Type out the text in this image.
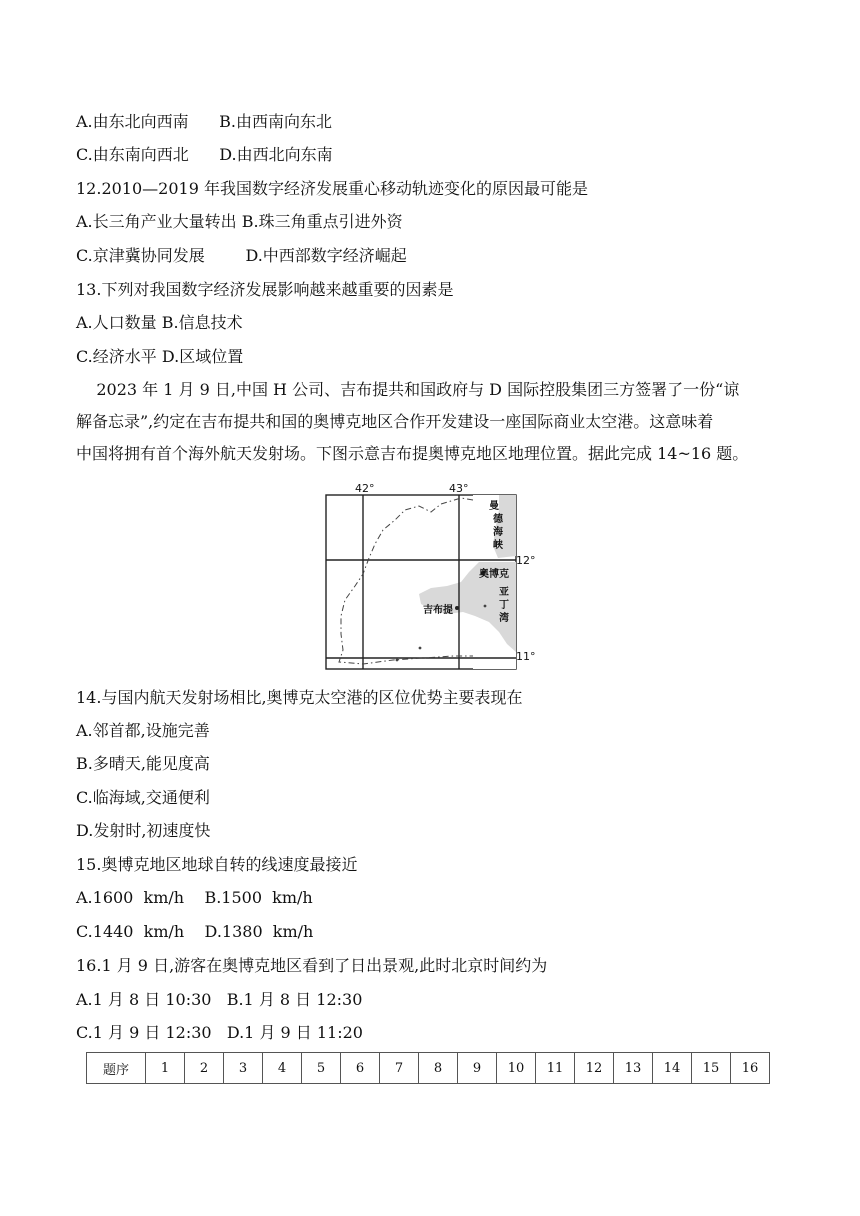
A.由东北向西南      B.由西南向东北
C.由东南向西北      D.由西北向东南
12.2010—2019 年我国数字经济发展重心移动轨迹变化的原因最可能是
A.长三角产业大量转出 B.珠三角重点引进外资
C.京津冀协同发展        D.中西部数字经济崛起
13.下列对我国数字经济发展影响越来越重要的因素是
A.人口数量 B.信息技术
C.经济水平 D.区域位置
2023 年 1 月 9 日,中国 H 公司、吉布提共和国政府与 D 国际控股集团三方签署了一份“谅
解备忘录”,约定在吉布提共和国的奥博克地区合作开发建设一座国际商业太空港。这意味着
中国将拥有首个海外航天发射场。下图示意吉布提奥博克地区地理位置。据此完成 14~16 题。
42°	43°
12°
11°
曼
德
海
峡
奥博克
亚
丁
湾
吉布提
14.与国内航天发射场相比,奥博克太空港的区位优势主要表现在
A.邻首都,设施完善
B.多晴天,能见度高
C.临海域,交通便利
D.发射时,初速度快
15.奥博克地区地球自转的线速度最接近
A.1600  km/h    B.1500  km/h
C.1440  km/h    D.1380  km/h
16.1 月 9 日,游客在奥博克地区看到了日出景观,此时北京时间约为
A.1 月 8 日 10:30   B.1 月 8 日 12:30
C.1 月 9 日 12:30   D.1 月 9 日 11:20
题序	1	2	3	4	5	6	7	8	9	10	11	12	13	14	15	16
